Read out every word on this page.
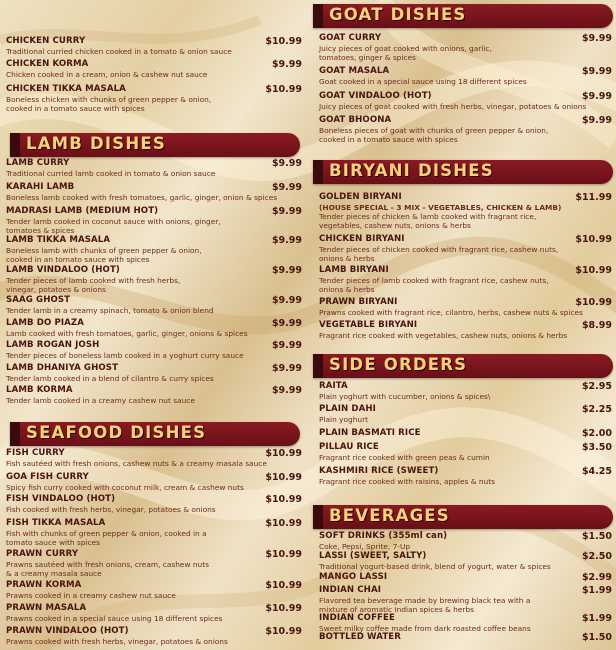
CHICKEN CURRY	$10.99
Traditional curried chicken cooked in a tomato & onion sauce
CHICKEN KORMA	$9.99
Chicken cooked in a cream, onion & cashew nut sauce
CHICKEN TIKKA MASALA	$10.99
Boneless chicken with chunks of green pepper & onion,
cooked in a tomato sauce with spices
LAMB DISHES
LAMB CURRY	$9.99
Traditional curried lamb cooked in tomato & onion sauce
KARAHI LAMB	$9.99
Boneless lamb cooked with fresh tomatoes, garlic, ginger, onion & spices
MADRASI LAMB (MEDIUM HOT)	$9.99
Tender lamb cooked in coconut sauce with onions, ginger,
tomatoes & spices
LAMB TIKKA MASALA	$9.99
Boneless lamb with chunks of green pepper & onion,
cooked in an tomato sauce with spices
LAMB VINDALOO (HOT)	$9.99
Tender pieces of lamb cooked with fresh herbs,
vinegar, potatoes & onions
SAAG GHOST	$9.99
Tender lamb in a creamy spinach, tomato & onion blend
LAMB DO PIAZA	$9.99
Lamb cooked with fresh tomatoes, garlic, ginger, onions & spices
LAMB ROGAN JOSH	$9.99
Tender pieces of boneless lamb cooked in a yoghurt curry sauce
LAMB DHANIYA GHOST	$9.99
Tender lamb cooked in a blend of cilantro & curry spices
LAMB KORMA	$9.99
Tender lamb cooked in a creamy cashew nut sauce
SEAFOOD DISHES
FISH CURRY	$10.99
Fish sautéed with fresh onions, cashew nuts & a creamy masala sauce
GOA FISH CURRY	$10.99
Spicy fish curry cooked with coconut milk, cream & cashew nuts
FISH VINDALOO (HOT)	$10.99
Fish cooked with fresh herbs, vinegar, potatoes & onions
FISH TIKKA MASALA	$10.99
Fish with chunks of green pepper & onion, cooked in a
tomato sauce with spices
PRAWN CURRY	$10.99
Prawns sautéed with fresh onions, cream, cashew nuts
& a creamy masala sauce
PRAWN KORMA	$10.99
Prawns cooked in a creamy cashew nut sauce
PRAWN MASALA	$10.99
Prawns cooked in a special sauce using 18 different spices
PRAWN VINDALOO (HOT)	$10.99
Prawns cooked with fresh herbs, vinegar, potatoes & onions
GOAT DISHES
GOAT CURRY	$9.99
Juicy pieces of goat cooked with onions, garlic,
tomatoes, ginger & spices
GOAT MASALA	$9.99
Goat cooked in a special sauce using 18 different spices
GOAT VINDALOO (HOT)	$9.99
Juicy pieces of goat cooked with fresh herbs, vinegar, potatoes & onions
GOAT BHOONA	$9.99
Boneless pieces of goat with chunks of green pepper & onion,
cooked in a tomato sauce with spices
BIRYANI DISHES
GOLDEN BIRYANI	$11.99
(HOUSE SPECIAL - 3 MIX - VEGETABLES, CHICKEN & LAMB)
Tender pieces of chicken & lamb cooked with fragrant rice,
vegetables, cashew nuts, onions & herbs
CHICKEN BIRYANI	$10.99
Tender pieces of chicken cooked with fragrant rice, cashew nuts,
onions & herbs
LAMB BIRYANI	$10.99
Tender pieces of lamb cooked with fragrant rice, cashew nuts,
onions & herbs
PRAWN BIRYANI	$10.99
Prawns cooked with fragrant rice, cilantro, herbs, cashew nuts & spices
VEGETABLE BIRYANI	$8.99
Fragrant rice cooked with vegetables, cashew nuts, onions & herbs
SIDE ORDERS
RAITA	$2.95
Plain yoghurt with cucumber, onions & spices\
PLAIN DAHI	$2.25
Plain yoghurt
PLAIN BASMATI RICE	$2.00
PILLAU RICE	$3.50
Fragrant rice cooked with green peas & cumin
KASHMIRI RICE (SWEET)	$4.25
Fragrant rice cooked with raisins, apples & nuts
BEVERAGES
SOFT DRINKS (355ml can)	$1.50
Coke, Pepsi, Sprite, 7-Up
LASSI (SWEET, SALTY)	$2.50
Traditional yogurt-based drink, blend of yogurt, water & spices
MANGO LASSI	$2.99
INDIAN CHAI	$1.99
Flavored tea beverage made by brewing black tea with a
mixture of aromatic Indian spices & herbs
INDIAN COFFEE	$1.99
Sweet milky coffee made from dark roasted coffee beans
BOTTLED WATER	$1.50
